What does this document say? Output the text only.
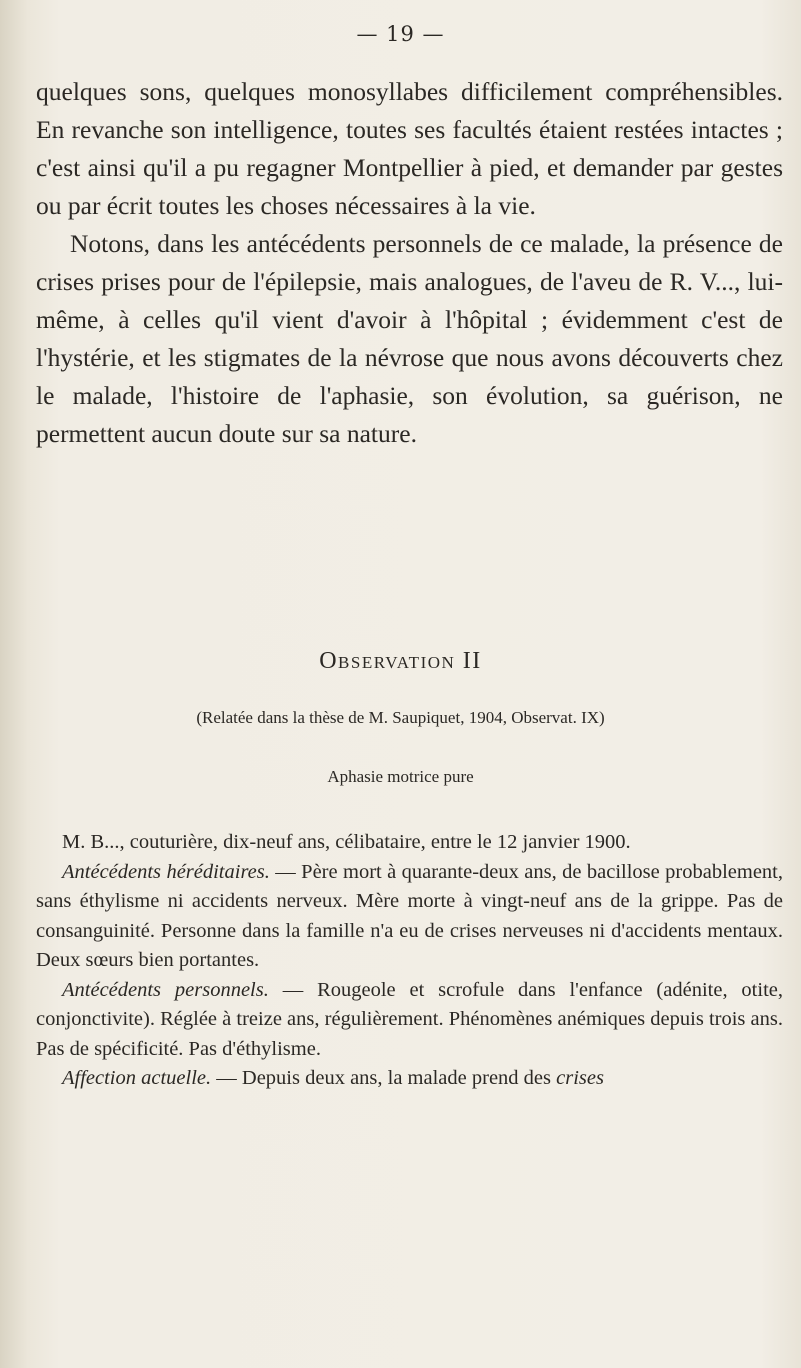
— 19 —

quelques sons, quelques monosyllabes difficilement compréhensibles. En revanche son intelligence, toutes ses facultés étaient restées intactes ; c'est ainsi qu'il a pu regagner Montpellier à pied, et demander par gestes ou par écrit toutes les choses nécessaires à la vie.

Notons, dans les antécédents personnels de ce malade, la présence de crises prises pour de l'épilepsie, mais analogues, de l'aveu de R. V..., lui-même, à celles qu'il vient d'avoir à l'hôpital ; évidemment c'est de l'hystérie, et les stigmates de la névrose que nous avons découverts chez le malade, l'histoire de l'aphasie, son évolution, sa guérison, ne permettent aucun doute sur sa nature.

Observation II
(Relatée dans la thèse de M. Saupiquet, 1904, Observat. IX)
Aphasie motrice pure

M. B..., couturière, dix-neuf ans, célibataire, entre le 12 janvier 1900.

Antécédents héréditaires. — Père mort à quarante-deux ans, de bacillose probablement, sans éthylisme ni accidents nerveux. Mère morte à vingt-neuf ans de la grippe. Pas de consanguinité. Personne dans la famille n'a eu de crises nerveuses ni d'accidents mentaux. Deux sœurs bien portantes.

Antécédents personnels. — Rougeole et scrofule dans l'enfance (adénite, otite, conjonctivite). Réglée à treize ans, régulièrement. Phénomènes anémiques depuis trois ans. Pas de spécificité. Pas d'éthylisme.

Affection actuelle. — Depuis deux ans, la malade prend des crises
